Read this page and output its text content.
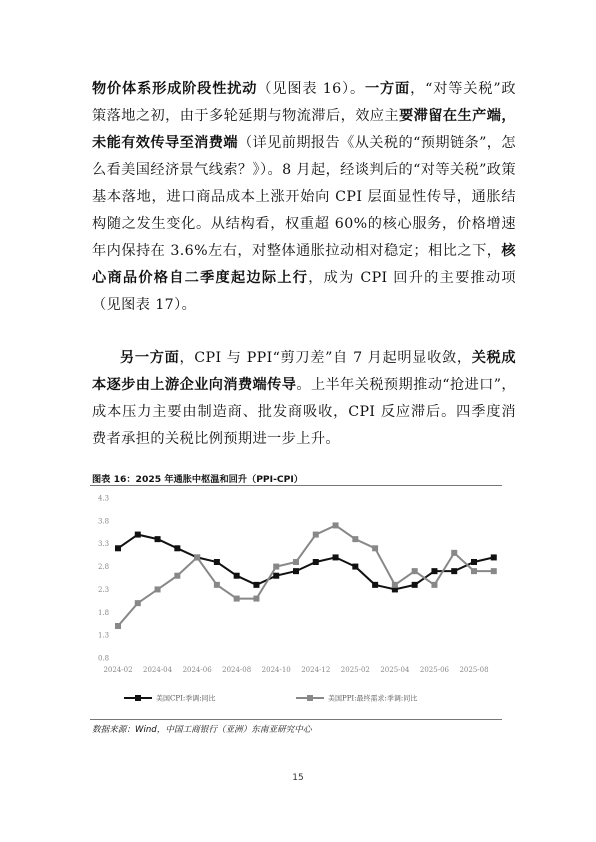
物价体系形成阶段性扰动（见图表 16）。一方面，“对等关税”政策落地之初，由于多轮延期与物流滞后，效应主要滞留在生产端，未能有效传导至消费端（详见前期报告《从关税的“预期链条”，怎么看美国经济景气线索？》）。8 月起，经谈判后的“对等关税”政策基本落地，进口商品成本上涨开始向 CPI 层面显性传导，通胀结构随之发生变化。从结构看，权重超 60%的核心服务，价格增速年内保持在 3.6%左右，对整体通胀拉动相对稳定；相比之下，核心商品价格自二季度起边际上行，成为 CPI 回升的主要推动项（见图表 17）。

另一方面，CPI 与 PPI“剪刀差”自 7 月起明显收敛，关税成本逐步由上游企业向消费端传导。上半年关税预期推动“抢进口”，成本压力主要由制造商、批发商吸收，CPI 反应滞后。四季度消费者承担的关税比例预期进一步上升。

图表 16：2025 年通胀中枢温和回升（PPI-CPI）
4.3
3.8
3.3
2.8
2.3
1.8
1.3
0.8
2024-02 2024-04 2024-06 2024-08 2024-10 2024-12 2025-02 2025-04 2025-06 2025-08
美国CPI:季调:同比	美国PPI:最终需求:季调:同比
数据来源：Wind，中国工商银行（亚洲）东南亚研究中心
15
